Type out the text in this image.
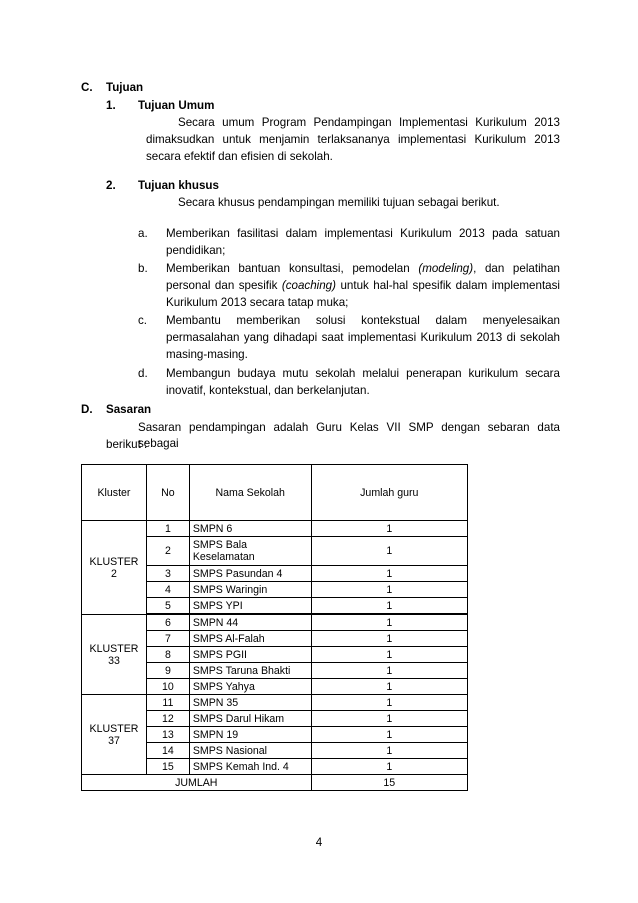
C. Tujuan
1. Tujuan Umum
Secara umum Program Pendampingan Implementasi Kurikulum 2013
dimaksudkan untuk menjamin terlaksananya implementasi Kurikulum 2013
secara efektif dan efisien di sekolah.
2. Tujuan khusus
Secara khusus pendampingan memiliki tujuan sebagai berikut.
a. Memberikan fasilitasi dalam implementasi Kurikulum 2013 pada satuan
pendidikan;
b. Memberikan bantuan konsultasi, pemodelan (modeling), dan pelatihan
personal dan spesifik (coaching) untuk hal-hal spesifik dalam implementasi
Kurikulum 2013 secara tatap muka;
c. Membantu memberikan solusi kontekstual dalam menyelesaikan
permasalahan yang dihadapi saat implementasi Kurikulum 2013 di sekolah
masing-masing.
d. Membangun budaya mutu sekolah melalui penerapan kurikulum secara
inovatif, kontekstual, dan berkelanjutan.
D. Sasaran
Sasaran pendampingan adalah Guru Kelas VII SMP dengan sebaran data sebagai
berikut :
Kluster	No	Nama Sekolah	Jumlah guru
KLUSTER 2	1	SMPN 6	1
	2	SMPS Bala Keselamatan	1
	3	SMPS Pasundan 4	1
	4	SMPS Waringin	1
	5	SMPS YPI	1

KLUSTER 33	6	SMPN 44	1
	7	SMPS Al-Falah	1
	8	SMPS PGII	1
	9	SMPS Taruna Bhakti	1
	10	SMPS Yahya	1
KLUSTER 37	11	SMPN 35	1
	12	SMPS Darul Hikam	1
	13	SMPN 19	1
	14	SMPS Nasional	1
	15	SMPS Kemah Ind. 4	1
JUMLAH			15
4
